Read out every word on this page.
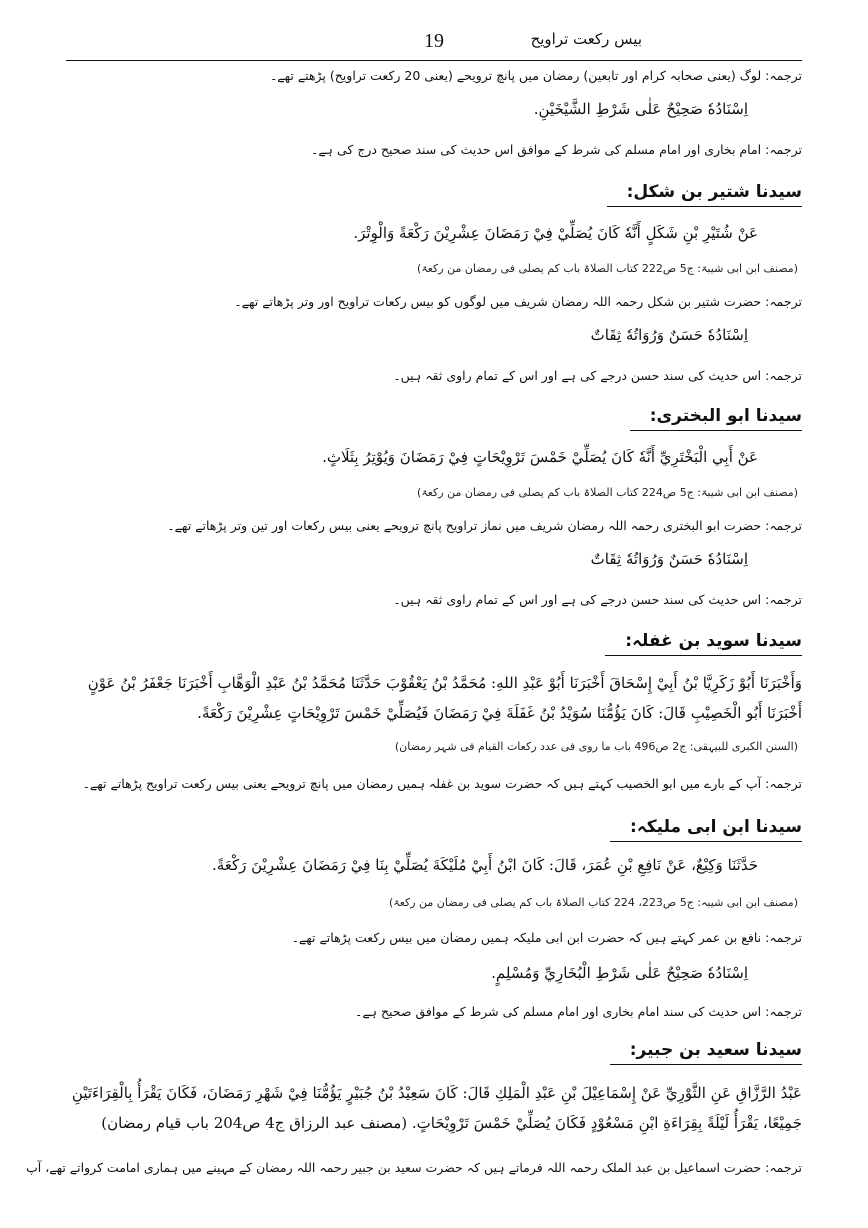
بیس رکعت تراویح
19
ترجمہ: لوگ (یعنی صحابہ کرام اور تابعین) رمضان میں پانچ ترویحے (یعنی 20 رکعت تراویح) پڑھتے تھے۔
اِسْنَادُهٗ صَحِيْحٌ عَلٰى شَرْطِ الشَّيْخَيْنِ.
ترجمہ: امام بخاری اور امام مسلم کی شرط کے موافق اس حدیث کی سند صحیح درج کی ہے۔
سیدنا شتیر بن شکل:
عَنْ شُتَيْرِ بْنِ شَكَلٍ أَنَّهٗ كَانَ يُصَلِّيْ فِيْ رَمَضَانَ عِشْرِيْنَ رَكْعَةً وَالْوِتْرَ.
(مصنف ابن ابی شیبۃ: ج5 ص222 کتاب الصلاۃ باب کم یصلی فی رمضان من رکعۃ)
ترجمہ: حضرت شتیر بن شکل رحمہ اللہ رمضان شریف میں لوگوں کو بیس رکعات تراویح اور وتر پڑھاتے تھے۔
اِسْنَادُهٗ حَسَنٌ وَرُوَاتُهٗ ثِقَاتٌ
ترجمہ: اس حدیث کی سند حسن درجے کی ہے اور اس کے تمام راوی ثقہ ہیں۔
سیدنا ابو البختری:
عَنْ أَبِي الْبَخْتَرِيِّ أَنَّهٗ كَانَ يُصَلِّيْ خَمْسَ تَرْوِيْحَاتٍ فِيْ رَمَضَانَ وَيُوْتِرُ بِثَلَاثٍ.
(مصنف ابن ابی شیبۃ: ج5 ص224 کتاب الصلاۃ باب کم یصلی فی رمضان من رکعۃ)
ترجمہ: حضرت ابو البختری رحمہ اللہ رمضان شریف میں نماز تراویح پانچ ترویحے یعنی بیس رکعات اور تین وتر پڑھاتے تھے۔
اِسْنَادُهٗ حَسَنٌ وَرُوَاتُهٗ ثِقَاتٌ
ترجمہ: اس حدیث کی سند حسن درجے کی ہے اور اس کے تمام راوی ثقہ ہیں۔
سیدنا سوید بن غفلہ:
وَأَخْبَرَنَا أَبُوْ زَكَرِيَّا بْنُ أَبِيْ إِسْحَاقَ أَخْبَرَنَا أَبُوْ عَبْدِ اللهِ: مُحَمَّدُ بْنُ يَعْقُوْبَ حَدَّثَنَا مُحَمَّدُ بْنُ عَبْدِ الْوَهَّابِ أَخْبَرَنَا جَعْفَرُ بْنُ عَوْنٍ أَخْبَرَنَا أَبُو الْخَصِيْبِ قَالَ: كَانَ يَؤُمُّنَا سُوَيْدُ بْنُ غَفَلَةَ فِيْ رَمَضَانَ فَيُصَلِّيْ خَمْسَ تَرْوِيْحَاتٍ عِشْرِيْنَ رَكْعَةً.
(السنن الکبری للبیہقی: ج2 ص496 باب ما روی فی عدد رکعات القیام فی شہر رمضان)
ترجمہ: آپ کے بارے میں ابو الخصیب کہتے ہیں کہ حضرت سوید بن غفلہ ہمیں رمضان میں پانچ ترویحے یعنی بیس رکعت تراویح پڑھاتے تھے۔
سیدنا ابن ابی ملیکہ:
حَدَّثَنَا وَكِيْعٌ، عَنْ نَافِعِ بْنِ عُمَرَ، قَالَ: كَانَ ابْنُ أَبِيْ مُلَيْكَةَ يُصَلِّيْ بِنَا فِيْ رَمَضَانَ عِشْرِيْنَ رَكْعَةً.
(مصنف ابن ابی شیبہ: ج5 ص223، 224 کتاب الصلاۃ باب کم یصلی فی رمضان من رکعۃ)
ترجمہ: نافع بن عمر کہتے ہیں کہ حضرت ابن ابی ملیکہ ہمیں رمضان میں بیس رکعت پڑھاتے تھے۔
اِسْنَادُهٗ صَحِيْحٌ عَلٰى شَرْطِ الْبُخَارِيِّ وَمُسْلِمٍ.
ترجمہ: اس حدیث کی سند امام بخاری اور امام مسلم کی شرط کے موافق صحیح ہے۔
سیدنا سعید بن جبیر:
عَبْدُ الرَّزَّاقِ عَنِ الثَّوْرِيِّ عَنْ إِسْمَاعِيْلَ بْنِ عَبْدِ الْمَلِكِ قَالَ: كَانَ سَعِيْدُ بْنُ جُبَيْرٍ يَؤُمُّنَا فِيْ شَهْرِ رَمَضَانَ، فَكَانَ يَقْرَأُ بِالْقِرَاءَتَيْنِ جَمِيْعًا، يَقْرَأُ لَيْلَةً بِقِرَاءَةِ ابْنِ مَسْعُوْدٍ فَكَانَ يُصَلِّيْ خَمْسَ تَرْوِيْحَاتٍ. (مصنف عبد الرزاق ج4 ص204 باب قیام رمضان)
ترجمہ: حضرت اسماعیل بن عبد الملک رحمہ اللہ فرماتے ہیں کہ حضرت سعید بن جبیر رحمہ اللہ رمضان کے مہینے میں ہماری امامت کرواتے تھے، آپ
